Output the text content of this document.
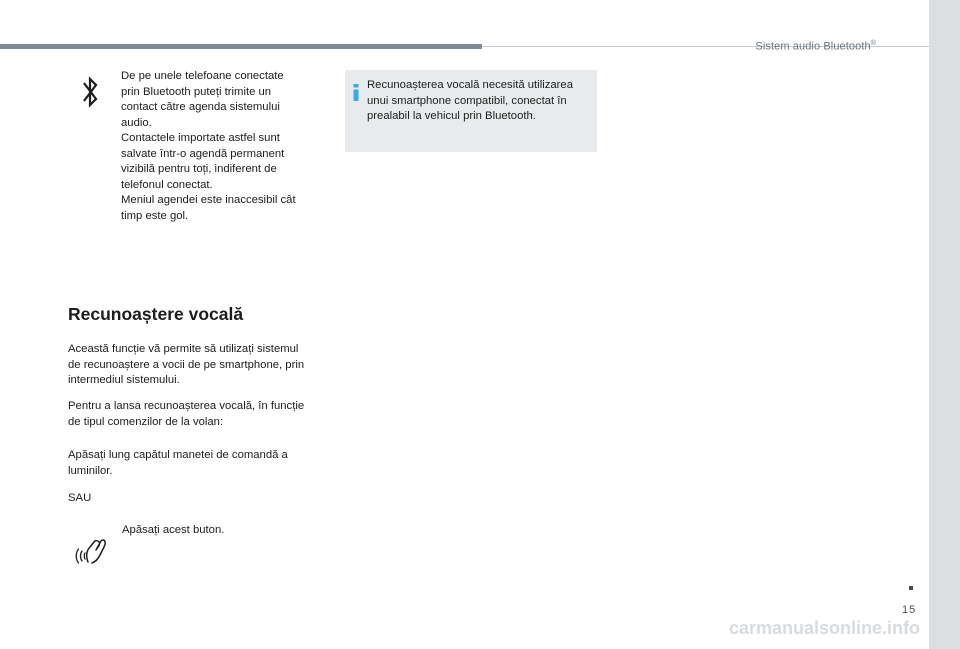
Sistem audio Bluetooth®

De pe unele telefoane conectate

prin Bluetooth puteți trimite un

contact către agenda sistemului

audio.

Contactele importate astfel sunt

salvate într-o agendă permanent

vizibilă pentru toți, indiferent de

telefonul conectat.

Meniul agendei este inaccesibil cât

timp este gol.

Recunoașterea vocală necesită utilizarea
unui smartphone compatibil, conectat în
prealabil la vehicul prin Bluetooth.
Recunoaștere vocală

Această funcție vă permite să utilizați sistemul

de recunoaștere a vocii de pe smartphone, prin

intermediul sistemului.

Pentru a lansa recunoașterea vocală, în funcție

de tipul comenzilor de la volan:

Apăsați lung capătul manetei de comandă a

luminilor.

SAU
Apăsați acest buton.
15
carmanualsonline.info
